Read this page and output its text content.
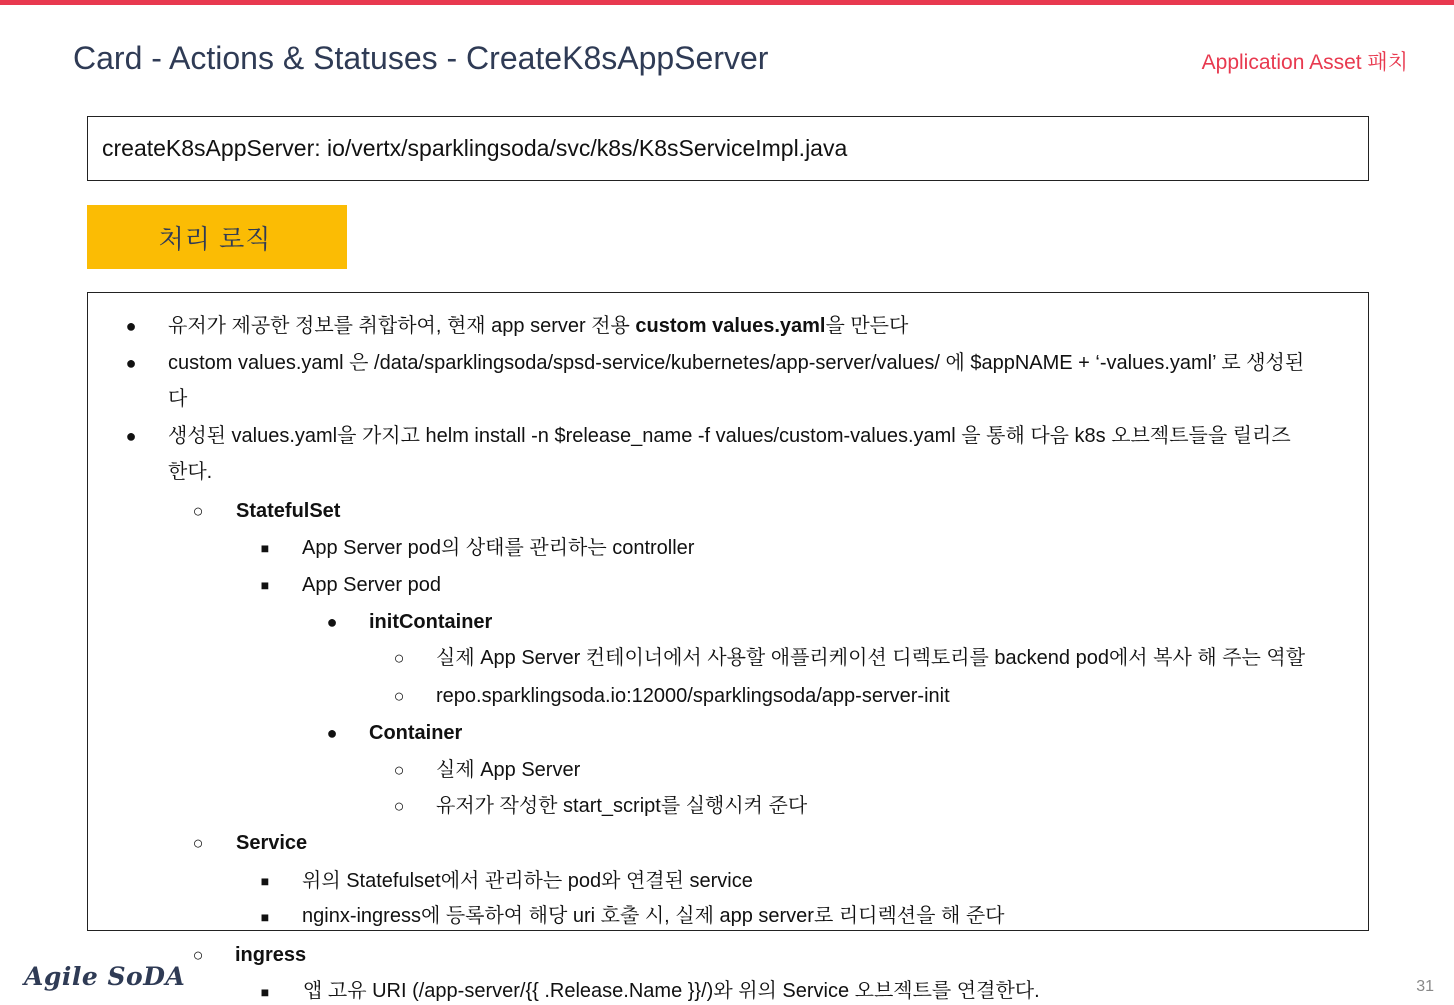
Card - Actions & Statuses - CreateK8sAppServer	Application Asset 패치
createK8sAppServer: io/vertx/sparklingsoda/svc/k8s/K8sServiceImpl.java
처리 로직
● 유저가 제공한 정보를 취합하여, 현재 app server 전용 custom values.yaml을 만든다
● custom values.yaml 은 /data/sparklingsoda/spsd-service/kubernetes/app-server/values/ 에 $appNAME + ‘-values.yaml’ 로 생성된
다
● 생성된 values.yaml을 가지고 helm install -n $release_name -f values/custom-values.yaml 을 통해 다음 k8s 오브젝트들을 릴리즈
한다.
○ StatefulSet
■ App Server pod의 상태를 관리하는 controller
■ App Server pod
● initContainer
○ 실제 App Server 컨테이너에서 사용할 애플리케이션 디렉토리를 backend pod에서 복사 해 주는 역할
○ repo.sparklingsoda.io:12000/sparklingsoda/app-server-init
● Container
○ 실제 App Server
○ 유저가 작성한 start_script를 실행시켜 준다
○ Service
■ 위의 Statefulset에서 관리하는 pod와 연결된 service
■ nginx-ingress에 등록하여 해당 uri 호출 시, 실제 app server로 리디렉션을 해 준다
○ ingress
■ 앱 고유 URI (/app-server/{{ .Release.Name }}/)와 위의 Service 오브젝트를 연결한다.
Agile SoDA	31
